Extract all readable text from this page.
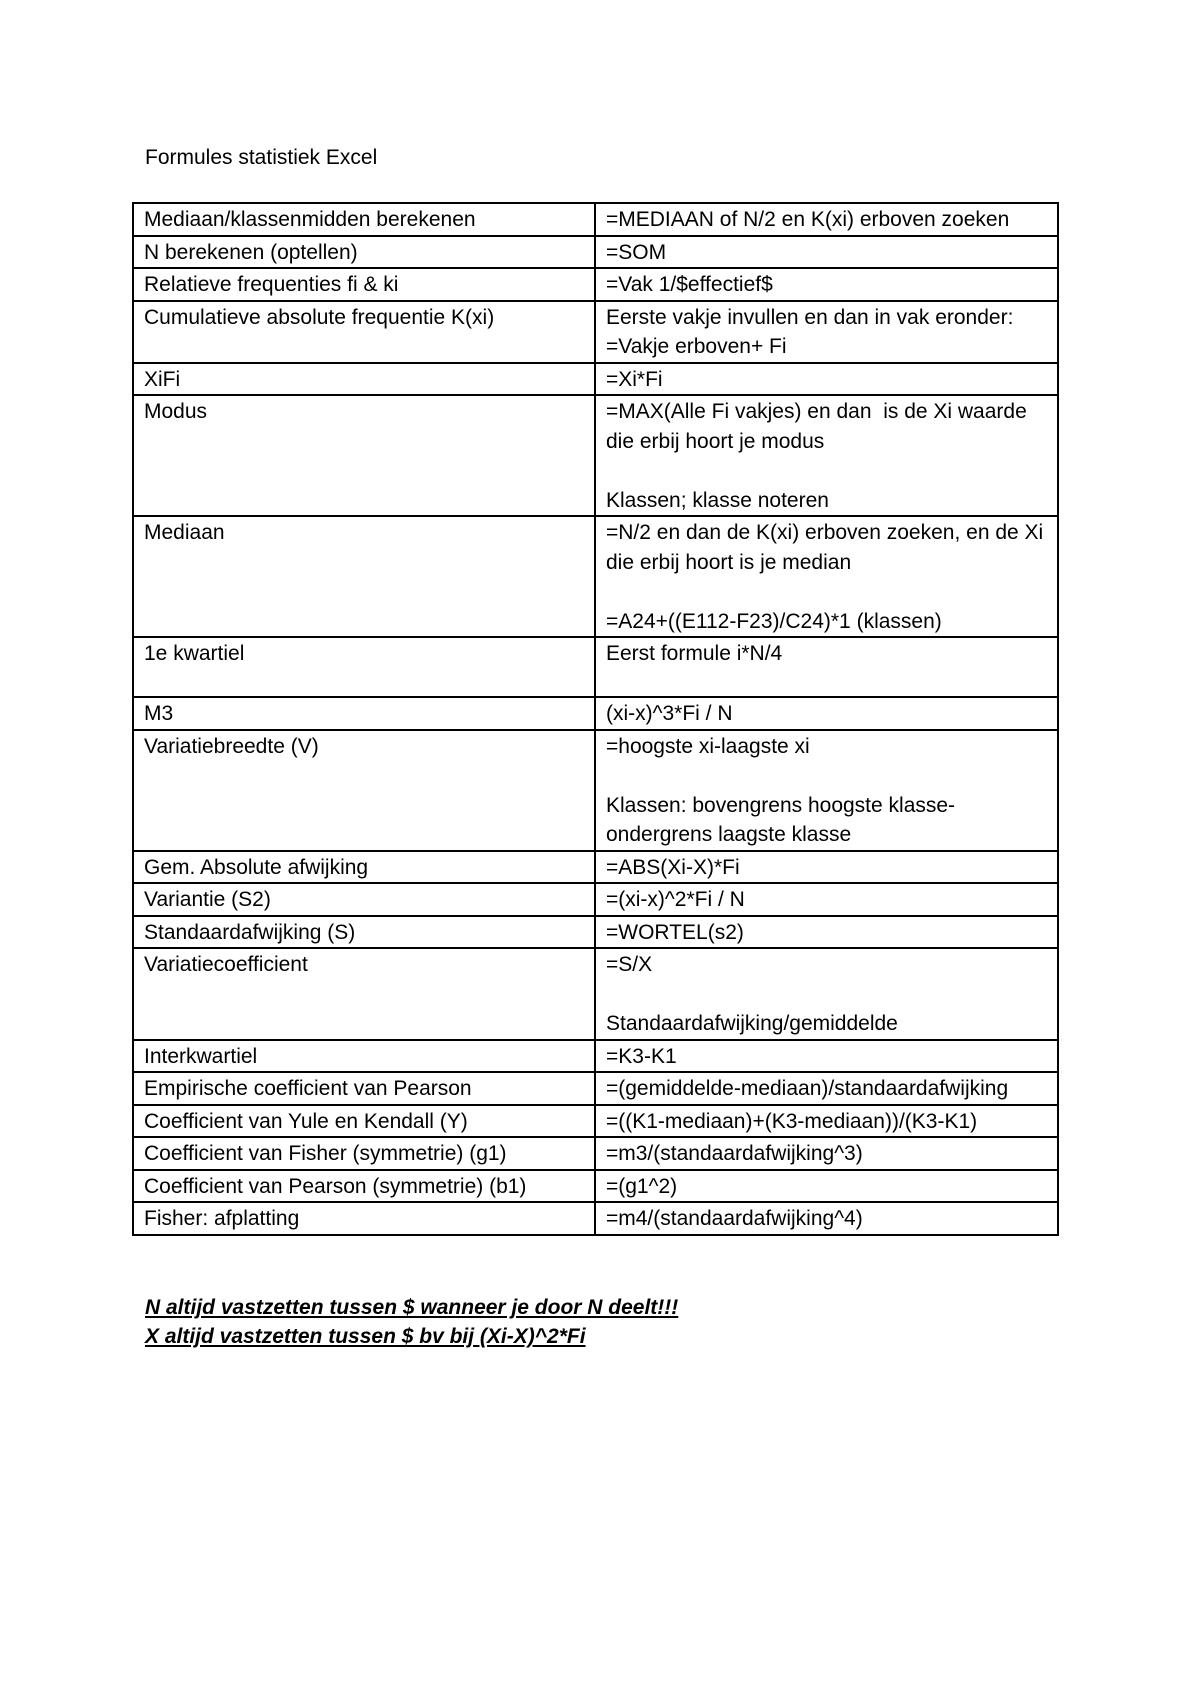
Formules statistiek Excel
Mediaan/klassenmidden berekenen	=MEDIAAN of N/2 en K(xi) erboven zoeken
N berekenen (optellen)	=SOM
Relatieve frequenties fi & ki	=Vak 1/$effectief$
Cumulatieve absolute frequentie K(xi)	Eerste vakje invullen en dan in vak eronder:
=Vakje erboven+ Fi
XiFi	=Xi*Fi
Modus	=MAX(Alle Fi vakjes) en dan  is de Xi waarde die erbij hoort je modus

Klassen; klasse noteren
Mediaan	=N/2 en dan de K(xi) erboven zoeken, en de Xi die erbij hoort is je median

=A24+((E112-F23)/C24)*1 (klassen)
1e kwartiel	Eerst formule i*N/4
M3	(xi-x)^3*Fi / N
Variatiebreedte (V)	=hoogste xi-laagste xi

Klassen: bovengrens hoogste klasse-ondergrens laagste klasse
Gem. Absolute afwijking	=ABS(Xi-X)*Fi
Variantie (S2)	=(xi-x)^2*Fi / N
Standaardafwijking (S)	=WORTEL(s2)
Variatiecoefficient	=S/X

Standaardafwijking/gemiddelde
Interkwartiel	=K3-K1
Empirische coefficient van Pearson	=(gemiddelde-mediaan)/standaardafwijking
Coefficient van Yule en Kendall (Y)	=((K1-mediaan)+(K3-mediaan))/(K3-K1)
Coefficient van Fisher (symmetrie) (g1)	=m3/(standaardafwijking^3)
Coefficient van Pearson (symmetrie) (b1)	=(g1^2)
Fisher: afplatting	=m4/(standaardafwijking^4)
N altijd vastzetten tussen $ wanneer je door N deelt!!!
X altijd vastzetten tussen $ bv bij (Xi-X)^2*Fi
